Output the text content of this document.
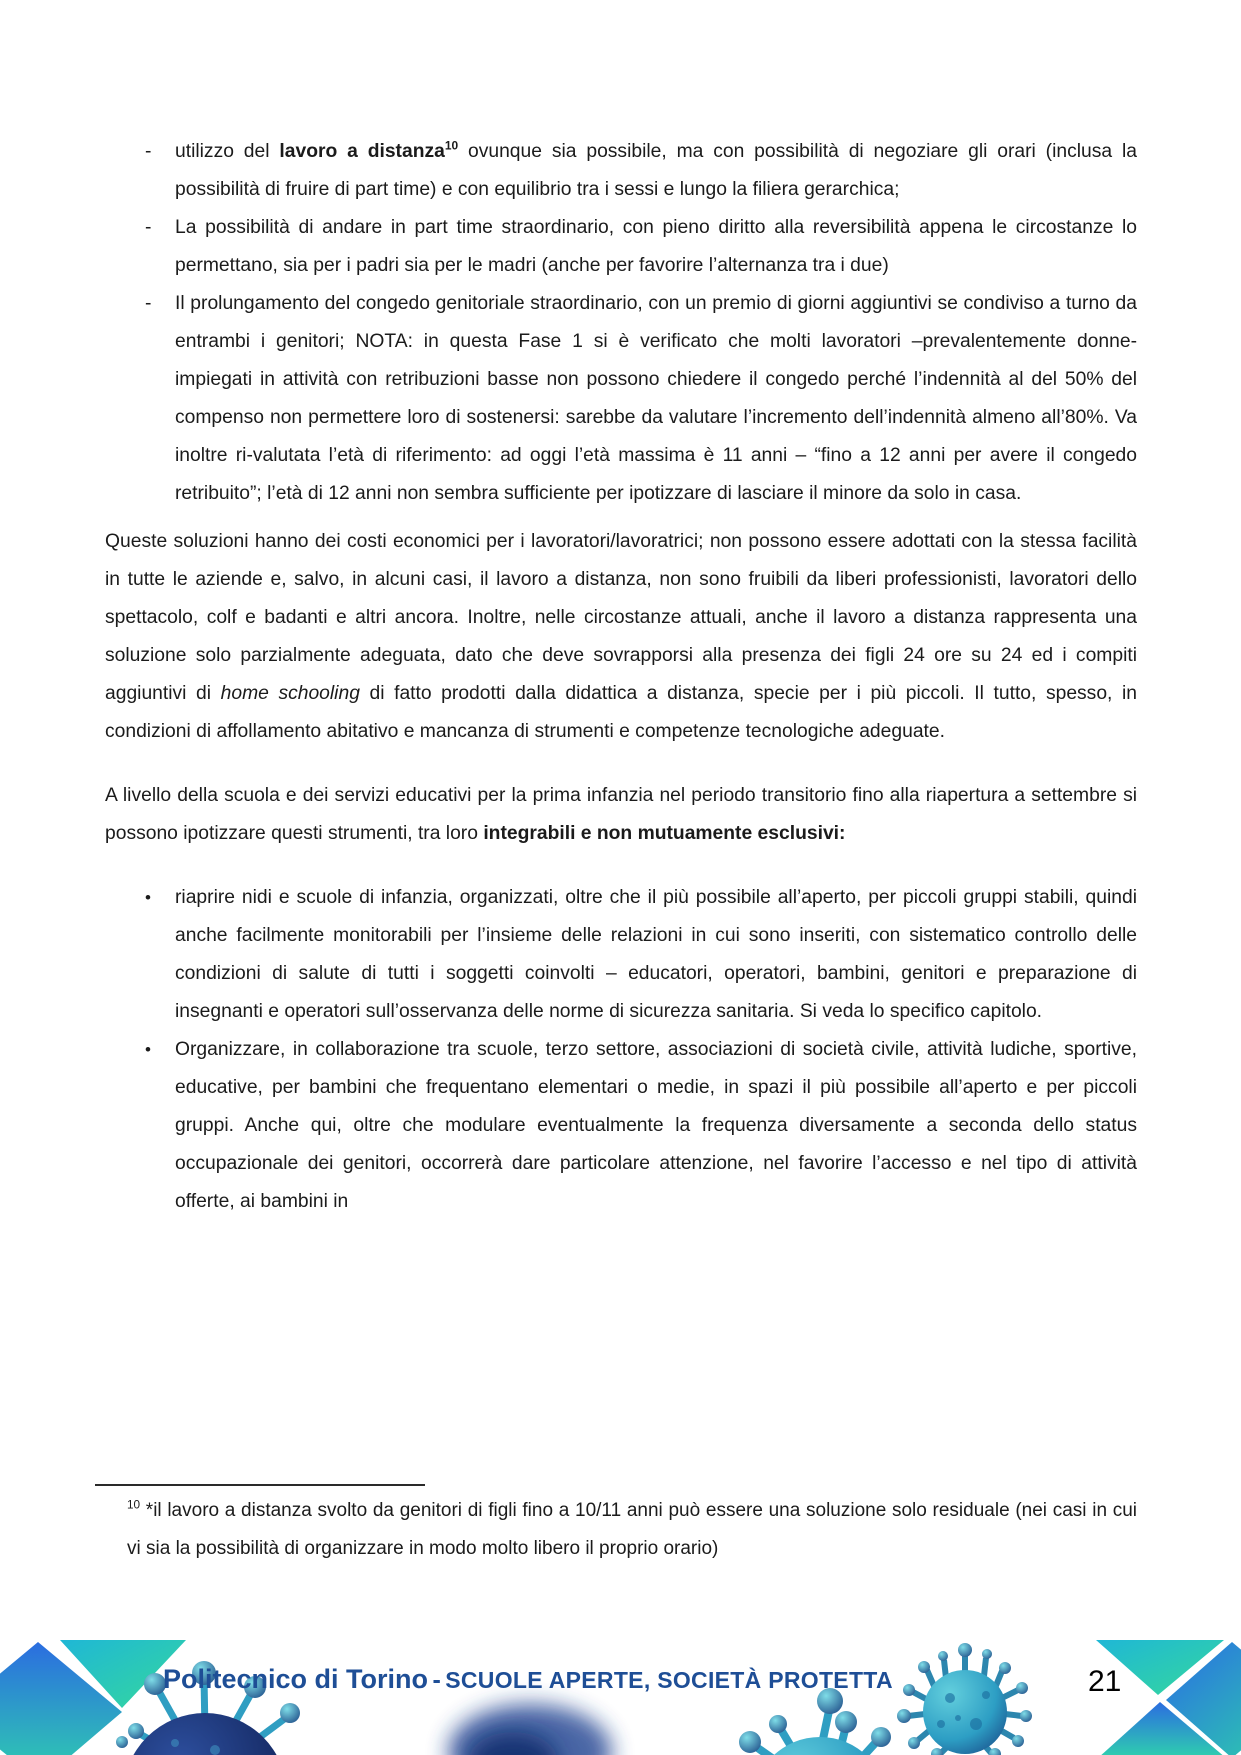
-	utilizzo del lavoro a distanza$^{10}$ ovunque sia possibile, ma con possibilità di negoziare gli orari (inclusa la possibilità di fruire di part time) e con equilibrio tra i sessi e lungo la filiera gerarchica;

-	La possibilità di andare in part time straordinario, con pieno diritto alla reversibilità appena le circostanze lo permettano, sia per i padri sia per le madri (anche per favorire l’alternanza tra i due)

-	Il prolungamento del congedo genitoriale straordinario, con un premio di giorni aggiuntivi se condiviso a turno da entrambi i genitori; NOTA: in questa Fase 1 si è verificato che molti lavoratori –prevalentemente donne- impiegati in attività con retribuzioni basse non possono chiedere il congedo perché l’indennità al del 50% del compenso non permettere loro di sostenersi: sarebbe da valutare l’incremento dell’indennità almeno all’80%. Va inoltre ri-valutata l’età di riferimento: ad oggi l’età massima è 11 anni – “fino a 12 anni per avere il congedo retribuito”; l’età di 12 anni non sembra sufficiente per ipotizzare di lasciare il minore da solo in casa.

Queste soluzioni hanno dei costi economici per i lavoratori/lavoratrici; non possono essere adottati con la stessa facilità in tutte le aziende e, salvo, in alcuni casi, il lavoro a distanza, non sono fruibili da liberi professionisti, lavoratori dello spettacolo, colf e badanti e altri ancora. Inoltre, nelle circostanze attuali, anche il lavoro a distanza rappresenta una soluzione solo parzialmente adeguata, dato che deve sovrapporsi alla presenza dei figli 24 ore su 24 ed i compiti aggiuntivi di home schooling di fatto prodotti dalla didattica a distanza, specie per i più piccoli. Il tutto, spesso, in condizioni di affollamento abitativo e mancanza di strumenti e competenze tecnologiche adeguate.

A livello della scuola e dei servizi educativi per la prima infanzia nel periodo transitorio fino alla riapertura a settembre si possono ipotizzare questi strumenti, tra loro integrabili e non mutuamente esclusivi:

•	riaprire nidi e scuole di infanzia, organizzati, oltre che il più possibile all’aperto, per piccoli gruppi stabili, quindi anche facilmente monitorabili per l’insieme delle relazioni in cui sono inseriti, con sistematico controllo delle condizioni di salute di tutti i soggetti coinvolti – educatori, operatori, bambini, genitori e preparazione di insegnanti e operatori sull’osservanza delle norme di sicurezza sanitaria. Si veda lo specifico capitolo.

•	Organizzare, in collaborazione tra scuole, terzo settore, associazioni di società civile, attività ludiche, sportive, educative, per bambini che frequentano elementari o medie, in spazi il più possibile all’aperto e per piccoli gruppi. Anche qui, oltre che modulare eventualmente la frequenza diversamente a seconda dello status occupazionale dei genitori, occorrerà dare particolare attenzione, nel favorire l’accesso e nel tipo di attività offerte, ai bambini in

$^{10}$ *il lavoro a distanza svolto da genitori di figli fino a 10/11 anni può essere una soluzione solo residuale (nei casi in cui vi sia la possibilità di organizzare in modo molto libero il proprio orario)

Politecnico di Torino - SCUOLE APERTE, SOCIETÀ PROTETTA	21
